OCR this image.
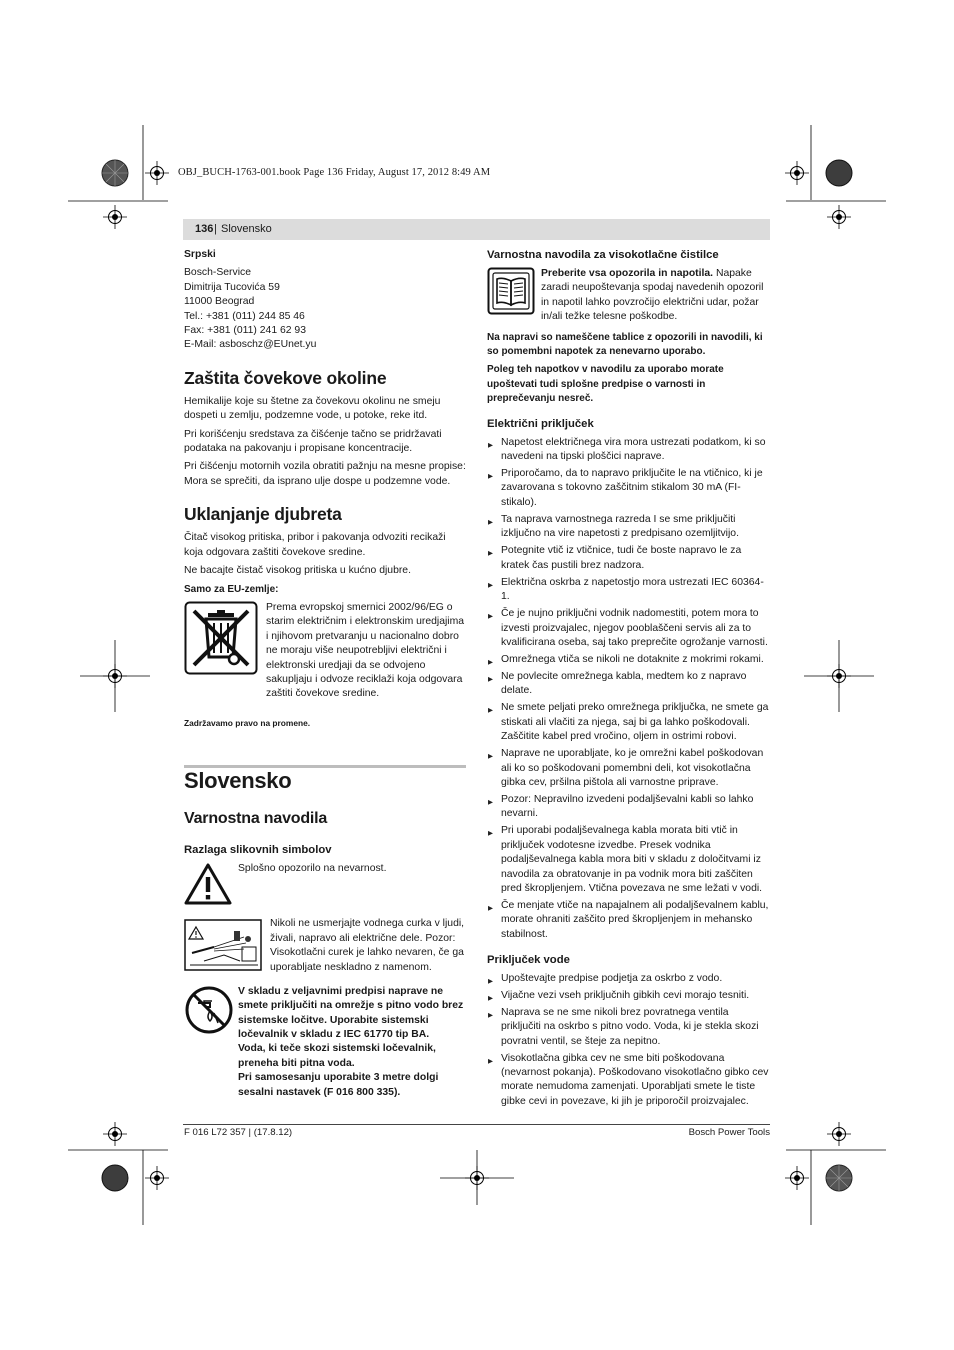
OBJ_BUCH-1763-001.book Page 136 Friday, August 17, 2012 8:49 AM
136 | Slovensko

Srpski

Bosch-Service

Dimitrija Tucovića 59

11000 Beograd

Tel.: +381 (011) 244 85 46

Fax: +381 (011) 241 62 93

E-Mail: asboschz@EUnet.yu

Zaštita čovekove okoline

Hemikalije koje su štetne za čovekovu okolinu ne smeju dospeti u zemlju, podzemne vode, u potoke, reke itd.

Pri korišćenju sredstava za čišćenje tačno se pridržavati podataka na pakovanju i propisane koncentracije.

Pri čišćenju motornih vozila obratiti pažnju na mesne propise: Mora se sprečiti, da isprano ulje dospe u podzemne vode.

Uklanjanje djubreta

Čitač visokog pritiska, pribor i pakovanja odvoziti recikaži koja odgovara zaštiti čovekove sredine.

Ne bacajte čistač visokog pritiska u kućno djubre.

Samo za EU-zemlje:

Prema evropskoj smernici 2002/96/EG o starim električnim i elektronskim uredjajima i njihovom pretvaranju u nacionalno dobro ne moraju više neupotrebljivi električni i elektronski uredjaji da se odvojeno sakupljaju i odvoze reciklaži koja odgovara zaštiti čovekove sredine.

Zadržavamo pravo na promene.

Slovensko
Varnostna navodila
Razlaga slikovnih simbolov

Splošno opozorilo na nevarnost.

Nikoli ne usmerjajte vodnega curka v ljudi, živali, napravo ali električne dele. Pozor: Visokotlačni curek je lahko nevaren, če ga uporabljate neskladno z namenom.

V skladu z veljavnimi predpisi naprave ne

smete priključiti na omrežje s pitno vodo brez

sistemske ločitve. Uporabite sistemski

ločevalnik v skladu z IEC 61770 tip BA.

Voda, ki teče skozi sistemski ločevalnik,

preneha biti pitna voda.

Pri samosesanju uporabite 3 metre dolgi

sesalni nastavek (F 016 800 335).

Varnostna navodila za visokotlačne čistilce

Preberite vsa opozorila in napotila. Napake zaradi neupoštevanja spodaj navedenih opozoril in napotil lahko povzročijo električni udar, požar in/ali težke telesne poškodbe.

Na napravi so nameščene tablice z opozorili in navodili, ki so pomembni napotek za nenevarno uporabo.

Poleg teh napotkov v navodilu za uporabo morate upoštevati tudi splošne predpise o varnosti in preprečevanju nesreč.

Električni priključek
▶ Napetost električnega vira mora ustrezati podatkom, ki so navedeni na tipski ploščici naprave.
▶ Priporočamo, da to napravo priključite le na vtičnico, ki je zavarovana s tokovno zaščitnim stikalom 30 mA (FI-stikalo).
▶ Ta naprava varnostnega razreda I se sme priključiti izključno na vire napetosti z predpisano ozemljitvijo.
▶ Potegnite vtič iz vtičnice, tudi če boste napravo le za kratek čas pustili brez nadzora.
▶ Električna oskrba z napetostjo mora ustrezati IEC 60364-1.
▶ Če je nujno priključni vodnik nadomestiti, potem mora to izvesti proizvajalec, njegov pooblaščeni servis ali za to kvalificirana oseba, saj tako preprečite ogrožanje varnosti.
▶ Omrežnega vtiča se nikoli ne dotaknite z mokrimi rokami.
▶ Ne povlecite omrežnega kabla, medtem ko z napravo delate.
▶ Ne smete peljati preko omrežnega priključka, ne smete ga stiskati ali vlačiti za njega, saj bi ga lahko poškodovali. Zaščitite kabel pred vročino, oljem in ostrimi robovi.
▶ Naprave ne uporabljate, ko je omrežni kabel poškodovan ali ko so poškodovani pomembni deli, kot visokotlačna gibka cev, pršilna pištola ali varnostne priprave.
▶ Pozor: Nepravilno izvedeni podaljševalni kabli so lahko nevarni.
▶ Pri uporabi podaljševalnega kabla morata biti vtič in priključek vodotesne izvedbe. Presek vodnika podaljševalnega kabla mora biti v skladu z določitvami iz navodila za obratovanje in pa vodnik mora biti zaščiten pred škropljenjem. Vtična povezava ne sme ležati v vodi.
▶ Če menjate vtiče na napajalnem ali podaljševalnem kablu, morate ohraniti zaščito pred škropljenjem in mehansko stabilnost.
Priključek vode
▶ Upoštevajte predpise podjetja za oskrbo z vodo.
▶ Vijačne vezi vseh priključnih gibkih cevi morajo tesniti.
▶ Naprava se ne sme nikoli brez povratnega ventila priključiti na oskrbo s pitno vodo. Voda, ki je stekla skozi povratni ventil, se šteje za nepitno.
▶ Visokotlačna gibka cev ne sme biti poškodovana (nevarnost pokanja). Poškodovano visokotlačno gibko cev morate nemudoma zamenjati. Uporabljati smete le tiste gibke cevi in povezave, ki jih je priporočil proizvajalec.
F 016 L72 357 | (17.8.12)	Bosch Power Tools
